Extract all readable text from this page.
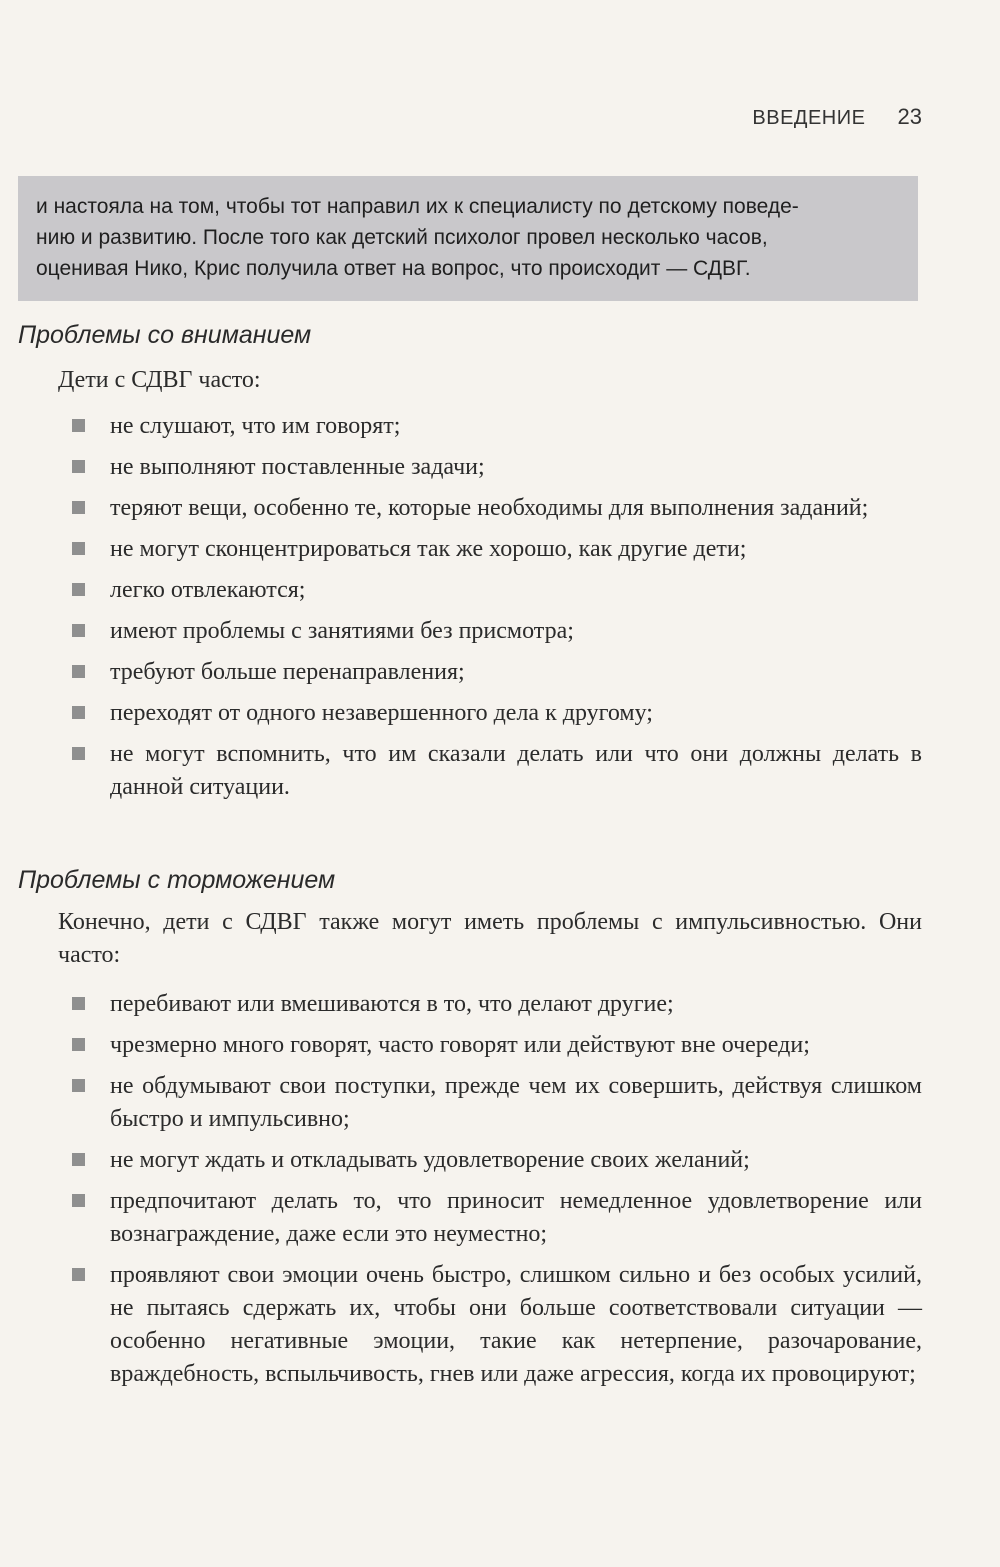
ВВЕДЕНИЕ 23
и настояла на том, чтобы тот направил их к специалисту по детскому поведе-
нию и развитию. После того как детский психолог провел несколько часов,
оценивая Нико, Крис получила ответ на вопрос, что происходит — СДВГ.
Проблемы со вниманием
Дети с СДВГ часто:
не слушают, что им говорят;
не выполняют поставленные задачи;
теряют вещи, особенно те, которые необходимы для выполнения заданий;
не могут сконцентрироваться так же хорошо, как другие дети;
легко отвлекаются;
имеют проблемы с занятиями без присмотра;
требуют больше перенаправления;
переходят от одного незавершенного дела к другому;
не могут вспомнить, что им сказали делать или что они должны делать в данной ситуации.
Проблемы с торможением
Конечно, дети с СДВГ также могут иметь проблемы с импульсивностью. Они часто:
перебивают или вмешиваются в то, что делают другие;
чрезмерно много говорят, часто говорят или действуют вне очереди;
не обдумывают свои поступки, прежде чем их совершить, действуя слишком быстро и импульсивно;
не могут ждать и откладывать удовлетворение своих желаний;
предпочитают делать то, что приносит немедленное удовлетворение или вознаграждение, даже если это неуместно;
проявляют свои эмоции очень быстро, слишком сильно и без особых усилий, не пытаясь сдержать их, чтобы они больше соответствовали ситуации — особенно негативные эмоции, такие как нетерпение, разочарование, враждебность, вспыльчивость, гнев или даже агрессия, когда их провоцируют;
